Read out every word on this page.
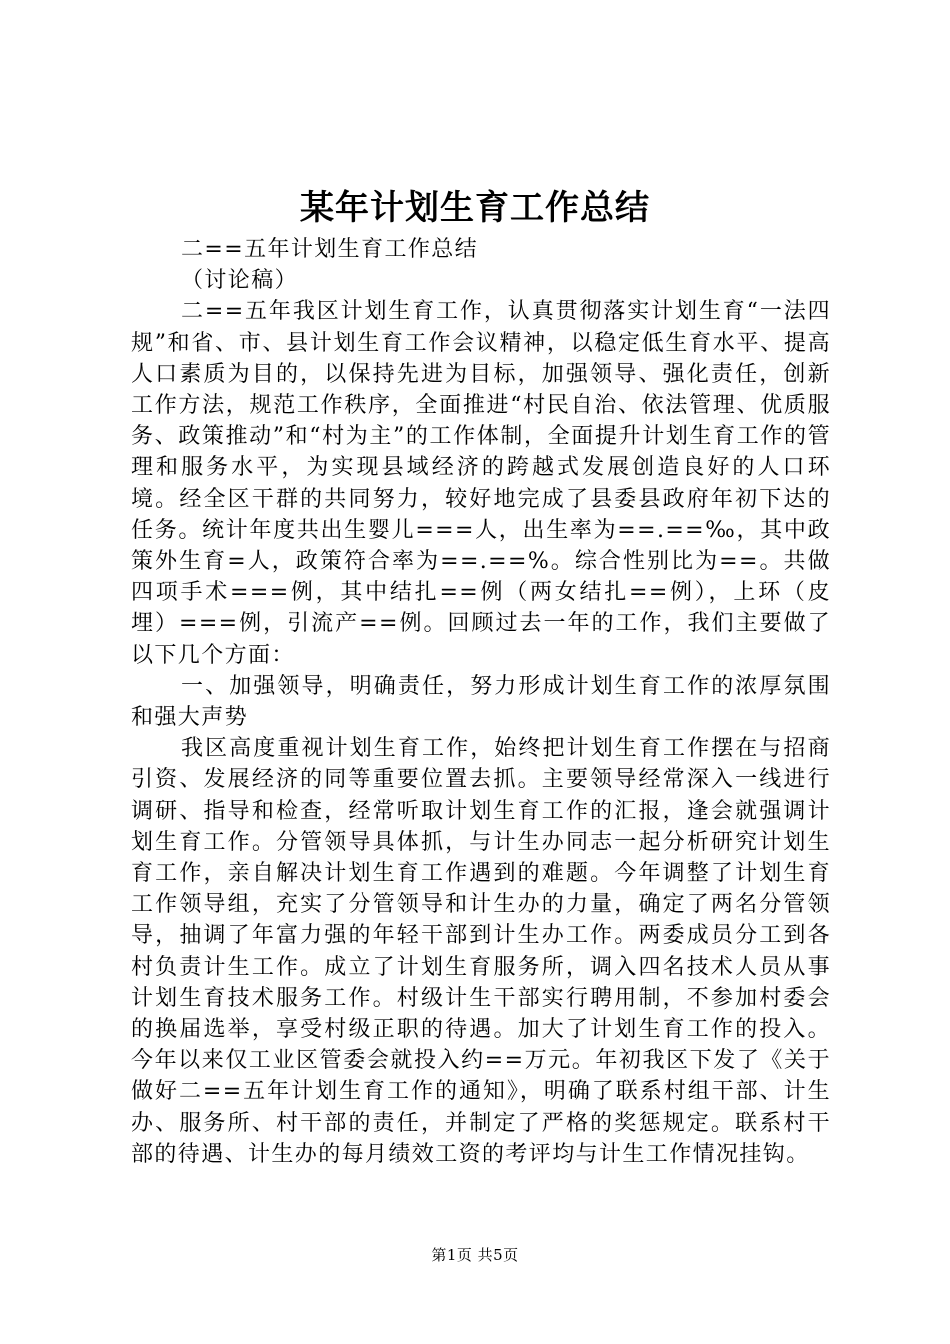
某年计划生育工作总结

二==五年计划生育工作总结

（讨论稿）

二==五年我区计划生育工作，认真贯彻落实计划生育“一法四规”和省、市、县计划生育工作会议精神，以稳定低生育水平、提高人口素质为目的，以保持先进为目标，加强领导、强化责任，创新工作方法，规范工作秩序，全面推进“村民自治、依法管理、优质服务、政策推动”和“村为主”的工作体制，全面提升计划生育工作的管理和服务水平，为实现县域经济的跨越式发展创造良好的人口环境。经全区干群的共同努力，较好地完成了县委县政府年初下达的任务。统计年度共出生婴儿===人，出生率为==.==‰，其中政策外生育=人，政策符合率为==.==%。综合性别比为==。共做四项手术===例，其中结扎==例（两女结扎==例），上环（皮埋）===例，引流产==例。回顾过去一年的工作，我们主要做了以下几个方面：

一、加强领导，明确责任，努力形成计划生育工作的浓厚氛围和强大声势

我区高度重视计划生育工作，始终把计划生育工作摆在与招商引资、发展经济的同等重要位置去抓。主要领导经常深入一线进行调研、指导和检查，经常听取计划生育工作的汇报，逢会就强调计划生育工作。分管领导具体抓，与计生办同志一起分析研究计划生育工作，亲自解决计划生育工作遇到的难题。今年调整了计划生育工作领导组，充实了分管领导和计生办的力量，确定了两名分管领导，抽调了年富力强的年轻干部到计生办工作。两委成员分工到各村负责计生工作。成立了计划生育服务所，调入四名技术人员从事计划生育技术服务工作。村级计生干部实行聘用制，不参加村委会的换届选举，享受村级正职的待遇。加大了计划生育工作的投入。今年以来仅工业区管委会就投入约==万元。年初我区下发了《关于做好二==五年计划生育工作的通知》，明确了联系村组干部、计生办、服务所、村干部的责任，并制定了严格的奖惩规定。联系村干部的待遇、计生办的每月绩效工资的考评均与计生工作情况挂钩。

第1页 共5页
